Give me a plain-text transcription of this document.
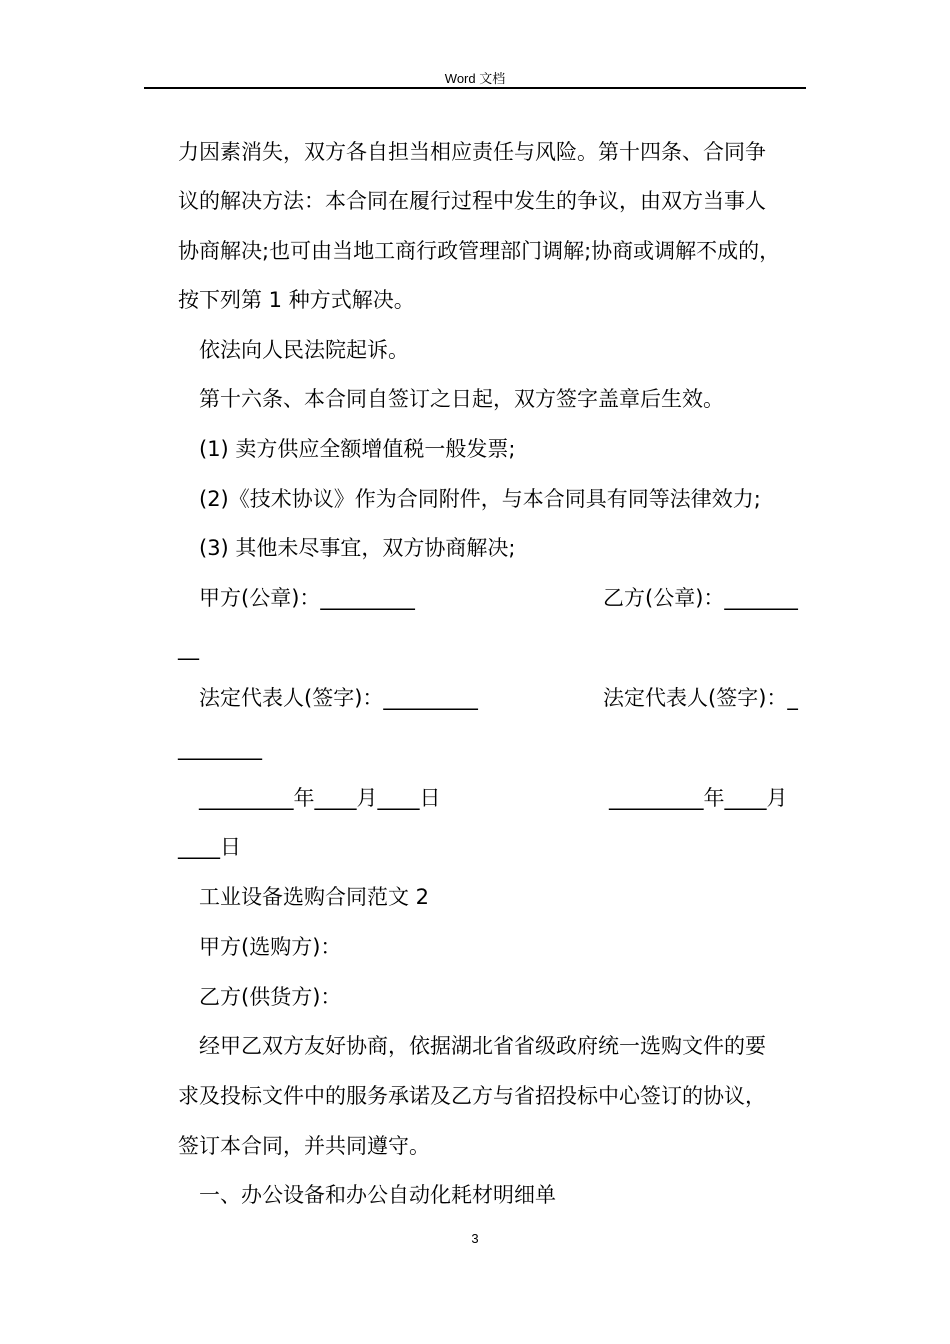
Word 文档
力因素消失，双方各自担当相应责任与风险。第十四条、合同争
议的解决方法：本合同在履行过程中发生的争议，由双方当事人
协商解决;也可由当地工商行政管理部门调解;协商或调解不成的，
按下列第 1 种方式解决。
依法向人民法院起诉。
第十六条、本合同自签订之日起，双方签字盖章后生效。
(1) 卖方供应全额增值税一般发票;
(2)《技术协议》作为合同附件，与本合同具有同等法律效力;
(3) 其他未尽事宜，双方协商解决;
甲方(公章)：_________	乙方(公章)：_______
__
法定代表人(签字)：_________	法定代表人(签字)：_
________
_________年____月____日	_________年____月
____日
工业设备选购合同范文 2
甲方(选购方)：
乙方(供货方)：
经甲乙双方友好协商，依据湖北省省级政府统一选购文件的要
求及投标文件中的服务承诺及乙方与省招投标中心签订的协议，
签订本合同，并共同遵守。
一、办公设备和办公自动化耗材明细单
3
